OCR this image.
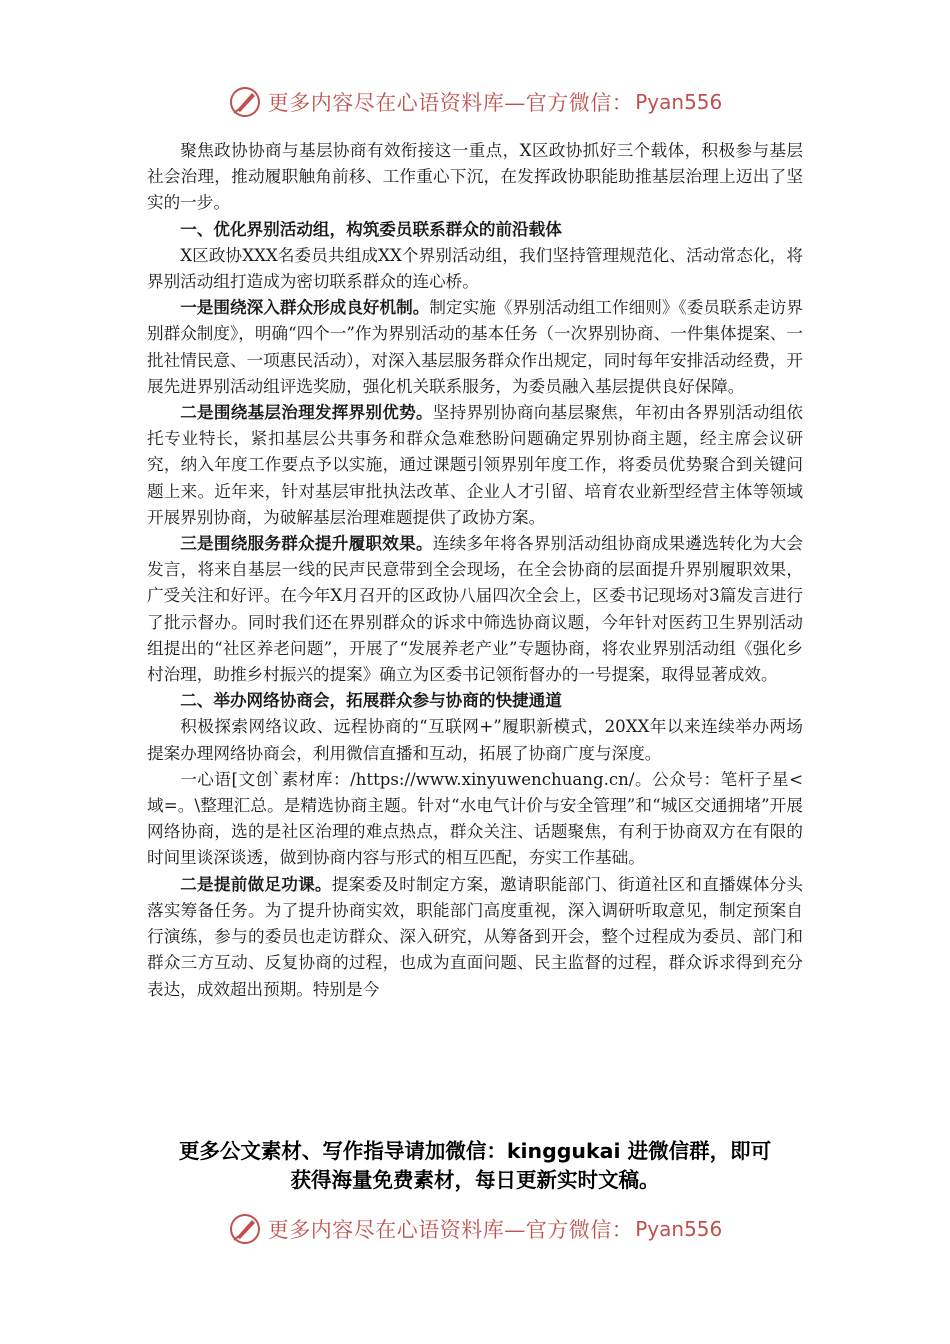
更多内容尽在心语资料库—官方微信： Pyan556

聚焦政协协商与基层协商有效衔接这一重点，X区政协抓好三个载体，积极参与基层社会治理，推动履职触角前移、工作重心下沉，在发挥政协职能助推基层治理上迈出了坚实的一步。

一、优化界别活动组，构筑委员联系群众的前沿载体

X区政协XXX名委员共组成XX个界别活动组，我们坚持管理规范化、活动常态化，将界别活动组打造成为密切联系群众的连心桥。

一是围绕深入群众形成良好机制。制定实施《界别活动组工作细则》《委员联系走访界别群众制度》，明确“四个一”作为界别活动的基本任务（一次界别协商、一件集体提案、一批社情民意、一项惠民活动），对深入基层服务群众作出规定，同时每年安排活动经费，开展先进界别活动组评选奖励，强化机关联系服务，为委员融入基层提供良好保障。

二是围绕基层治理发挥界别优势。坚持界别协商向基层聚焦，年初由各界别活动组依托专业特长，紧扣基层公共事务和群众急难愁盼问题确定界别协商主题，经主席会议研究，纳入年度工作要点予以实施，通过课题引领界别年度工作，将委员优势聚合到关键问题上来。近年来，针对基层审批执法改革、企业人才引留、培育农业新型经营主体等领域开展界别协商，为破解基层治理难题提供了政协方案。

三是围绕服务群众提升履职效果。连续多年将各界别活动组协商成果遴选转化为大会发言，将来自基层一线的民声民意带到全会现场，在全会协商的层面提升界别履职效果，广受关注和好评。在今年X月召开的区政协八届四次全会上，区委书记现场对3篇发言进行了批示督办。同时我们还在界别群众的诉求中筛选协商议题，今年针对医药卫生界别活动组提出的“社区养老问题”，开展了“发展养老产业”专题协商，将农业界别活动组《强化乡村治理，助推乡村振兴的提案》确立为区委书记领衔督办的一号提案，取得显著成效。

二、举办网络协商会，拓展群众参与协商的快捷通道

积极探索网络议政、远程协商的“互联网+”履职新模式，20XX年以来连续举办两场提案办理网络协商会，利用微信直播和互动，拓展了协商广度与深度。

一心语[文创`素材库：/https://www.xinyuwenchuang.cn/。公众号：笔杆子星<域=。\整理汇总。是精选协商主题。针对“水电气计价与安全管理”和“城区交通拥堵”开展网络协商，选的是社区治理的难点热点，群众关注、话题聚焦，有利于协商双方在有限的时间里谈深谈透，做到协商内容与形式的相互匹配，夯实工作基础。

二是提前做足功课。提案委及时制定方案，邀请职能部门、街道社区和直播媒体分头落实筹备任务。为了提升协商实效，职能部门高度重视，深入调研听取意见，制定预案自行演练，参与的委员也走访群众、深入研究，从筹备到开会，整个过程成为委员、部门和群众三方互动、反复协商的过程，也成为直面问题、民主监督的过程，群众诉求得到充分表达，成效超出预期。特别是今

更多公文素材、写作指导请加微信：kinggukai 进微信群，即可
获得海量免费素材，每日更新实时文稿。
更多内容尽在心语资料库—官方微信： Pyan556
